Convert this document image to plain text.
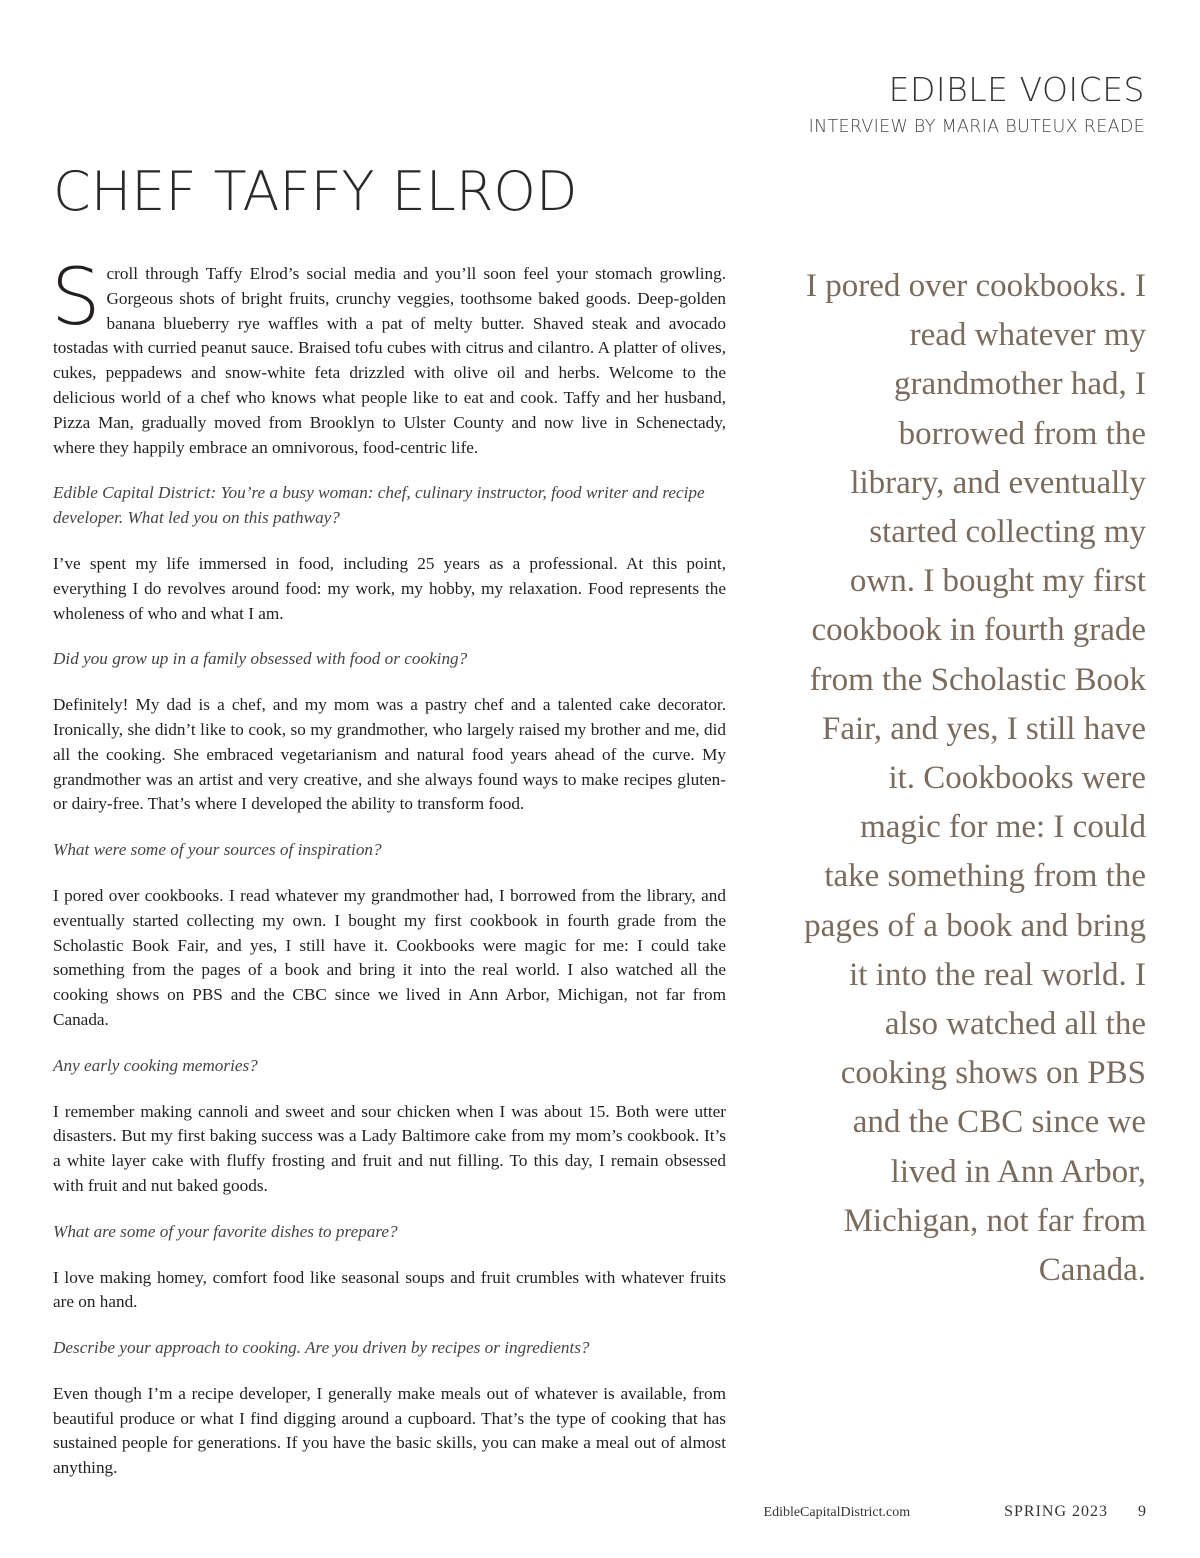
EDIBLE VOICES
INTERVIEW BY MARIA BUTEUX READE
CHEF TAFFY ELROD

Scroll through Taffy Elrod’s social media and you’ll soon feel your stomach growling. Gorgeous shots of bright fruits, crunchy veggies, toothsome baked goods. Deep-golden banana blueberry rye waffles with a pat of melty butter. Shaved steak and avocado tostadas with curried peanut sauce. Braised tofu cubes with citrus and cilantro. A platter of olives, cukes, peppadews and snow-white feta drizzled with olive oil and herbs. Welcome to the delicious world of a chef who knows what people like to eat and cook. Taffy and her husband, Pizza Man, gradually moved from Brooklyn to Ulster County and now live in Schenectady, where they happily embrace an omnivorous, food-centric life.

Edible Capital District: You’re a busy woman: chef, culinary instructor, food writer and recipe developer. What led you on this pathway?

I’ve spent my life immersed in food, including 25 years as a professional. At this point, everything I do revolves around food: my work, my hobby, my relaxation. Food represents the wholeness of who and what I am.

Did you grow up in a family obsessed with food or cooking?

Definitely! My dad is a chef, and my mom was a pastry chef and a talented cake decorator. Ironically, she didn’t like to cook, so my grandmother, who largely raised my brother and me, did all the cooking. She embraced vegetarianism and natural food years ahead of the curve. My grandmother was an artist and very creative, and she always found ways to make recipes gluten- or dairy-free. That’s where I developed the ability to transform food.

What were some of your sources of inspiration?

I pored over cookbooks. I read whatever my grandmother had, I borrowed from the library, and eventually started collecting my own. I bought my first cookbook in fourth grade from the Scholastic Book Fair, and yes, I still have it. Cookbooks were magic for me: I could take something from the pages of a book and bring it into the real world. I also watched all the cooking shows on PBS and the CBC since we lived in Ann Arbor, Michigan, not far from Canada.

Any early cooking memories?

I remember making cannoli and sweet and sour chicken when I was about 15. Both were utter disasters. But my first baking success was a Lady Baltimore cake from my mom’s cookbook. It’s a white layer cake with fluffy frosting and fruit and nut filling. To this day, I remain obsessed with fruit and nut baked goods.

What are some of your favorite dishes to prepare?

I love making homey, comfort food like seasonal soups and fruit crumbles with whatever fruits are on hand.

Describe your approach to cooking. Are you driven by recipes or ingredients?

Even though I’m a recipe developer, I generally make meals out of whatever is available, from beautiful produce or what I find digging around a cupboard. That’s the type of cooking that has sustained people for generations. If you have the basic skills, you can make a meal out of almost anything.

I pored over cookbooks. I read whatever my grandmother had, I borrowed from the library, and eventually started collecting my own. I bought my first cookbook in fourth grade from the Scholastic Book Fair, and yes, I still have it. Cookbooks were magic for me: I could take something from the pages of a book and bring it into the real world. I also watched all the cooking shows on PBS and the CBC since we lived in Ann Arbor, Michigan, not far from Canada.
EdibleCapitalDistrict.com	SPRING 2023 9
